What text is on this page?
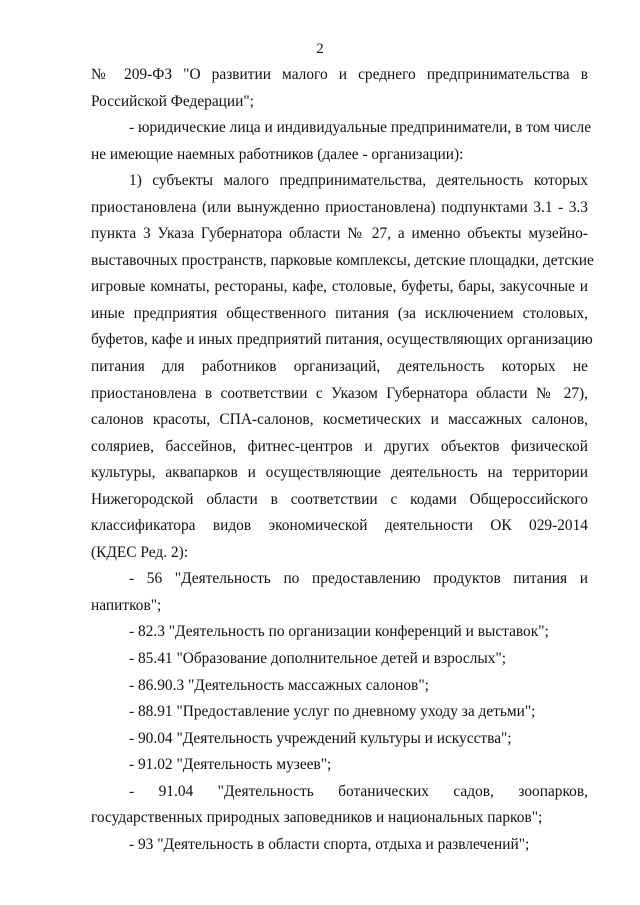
2
№ 209-ФЗ "О развитии малого и среднего предпринимательства в
Российской Федерации";
- юридические лица и индивидуальные предприниматели, в том числе
не имеющие наемных работников (далее - организации):
1) субъекты малого предпринимательства, деятельность которых
приостановлена (или вынужденно приостановлена) подпунктами 3.1 - 3.3
пункта 3 Указа Губернатора области № 27, а именно объекты музейно-
выставочных пространств, парковые комплексы, детские площадки, детские
игровые комнаты, рестораны, кафе, столовые, буфеты, бары, закусочные и
иные предприятия общественного питания (за исключением столовых,
буфетов, кафе и иных предприятий питания, осуществляющих организацию
питания для работников организаций, деятельность которых не
приостановлена в соответствии с Указом Губернатора области № 27),
салонов красоты, СПА-салонов, косметических и массажных салонов,
соляриев, бассейнов, фитнес-центров и других объектов физической
культуры, аквапарков и осуществляющие деятельность на территории
Нижегородской области в соответствии с кодами Общероссийского
классификатора видов экономической деятельности ОК 029-2014
(КДЕС Ред. 2):
- 56 "Деятельность по предоставлению продуктов питания и
напитков";
- 82.3 "Деятельность по организации конференций и выставок";
- 85.41 "Образование дополнительное детей и взрослых";
- 86.90.3 "Деятельность массажных салонов";
- 88.91 "Предоставление услуг по дневному уходу за детьми";
- 90.04 "Деятельность учреждений культуры и искусства";
- 91.02 "Деятельность музеев";
- 91.04 "Деятельность ботанических садов, зоопарков,
государственных природных заповедников и национальных парков";
- 93 "Деятельность в области спорта, отдыха и развлечений";
